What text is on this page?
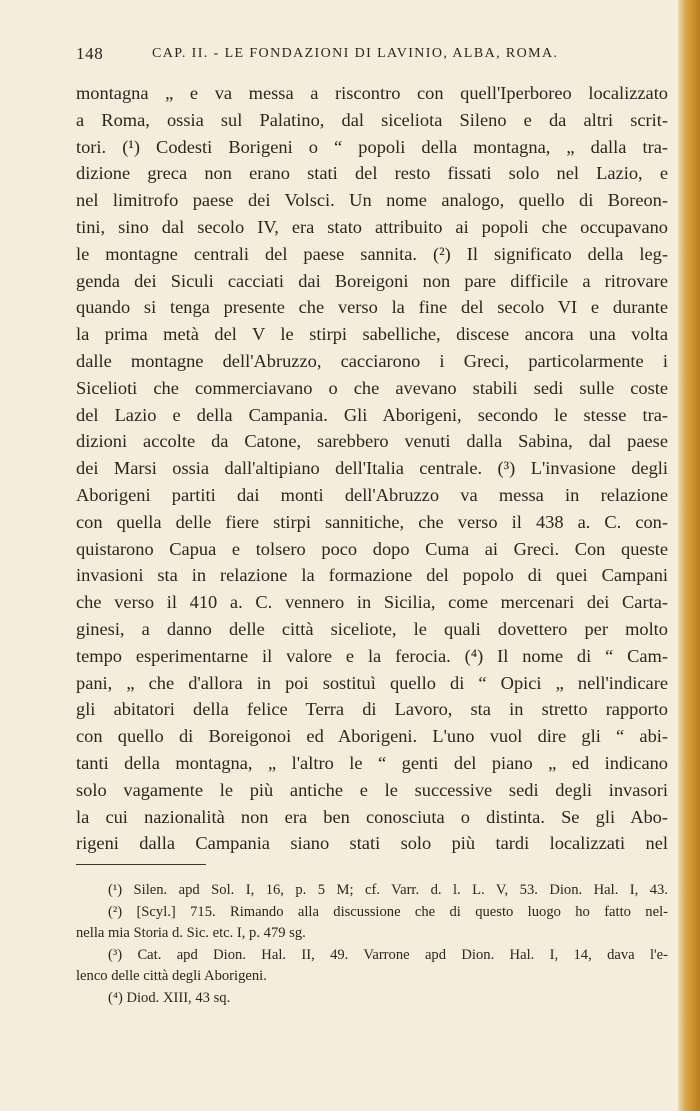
148	CAP. II. - LE FONDAZIONI DI LAVINIO, ALBA, ROMA.
montagna „ e va messa a riscontro con quell'Iperboreo localizzato
a Roma, ossia sul Palatino, dal siceliota Sileno e da altri scrit-
tori. (¹) Codesti Borigeni o “ popoli della montagna, „ dalla tra-
dizione greca non erano stati del resto fissati solo nel Lazio, e
nel limitrofo paese dei Volsci. Un nome analogo, quello di Boreon-
tini, sino dal secolo IV, era stato attribuito ai popoli che occupavano
le montagne centrali del paese sannita. (²) Il significato della leg-
genda dei Siculi cacciati dai Boreigoni non pare difficile a ritrovare
quando si tenga presente che verso la fine del secolo VI e durante
la prima metà del V le stirpi sabelliche, discese ancora una volta
dalle montagne dell'Abruzzo, cacciarono i Greci, particolarmente i
Sicelioti che commerciavano o che avevano stabili sedi sulle coste
del Lazio e della Campania. Gli Aborigeni, secondo le stesse tra-
dizioni accolte da Catone, sarebbero venuti dalla Sabina, dal paese
dei Marsi ossia dall'altipiano dell'Italia centrale. (³) L'invasione degli
Aborigeni partiti dai monti dell'Abruzzo va messa in relazione
con quella delle fiere stirpi sannitiche, che verso il 438 a. C. con-
quistarono Capua e tolsero poco dopo Cuma ai Greci. Con queste
invasioni sta in relazione la formazione del popolo di quei Campani
che verso il 410 a. C. vennero in Sicilia, come mercenari dei Carta-
ginesi, a danno delle città siceliote, le quali dovettero per molto
tempo esperimentarne il valore e la ferocia. (⁴) Il nome di “ Cam-
pani, „ che d'allora in poi sostituì quello di “ Opici „ nell'indicare
gli abitatori della felice Terra di Lavoro, sta in stretto rapporto
con quello di Boreigonoi ed Aborigeni. L'uno vuol dire gli “ abi-
tanti della montagna, „ l'altro le “ genti del piano „ ed indicano
solo vagamente le più antiche e le successive sedi degli invasori
la cui nazionalità non era ben conosciuta o distinta. Se gli Abo-
rigeni dalla Campania siano stati solo più tardi localizzati nel
(¹) Silen. apd Sol. I, 16, p. 5 M; cf. Varr. d. l. L. V, 53. Dion. Hal. I, 43.
(²) [Scyl.] 715. Rimando alla discussione che di questo luogo ho fatto nel-
nella mia Storia d. Sic. etc. I, p. 479 sg.
(³) Cat. apd Dion. Hal. II, 49. Varrone apd Dion. Hal. I, 14, dava l'e-
lenco delle città degli Aborigeni.
(⁴) Diod. XIII, 43 sq.
